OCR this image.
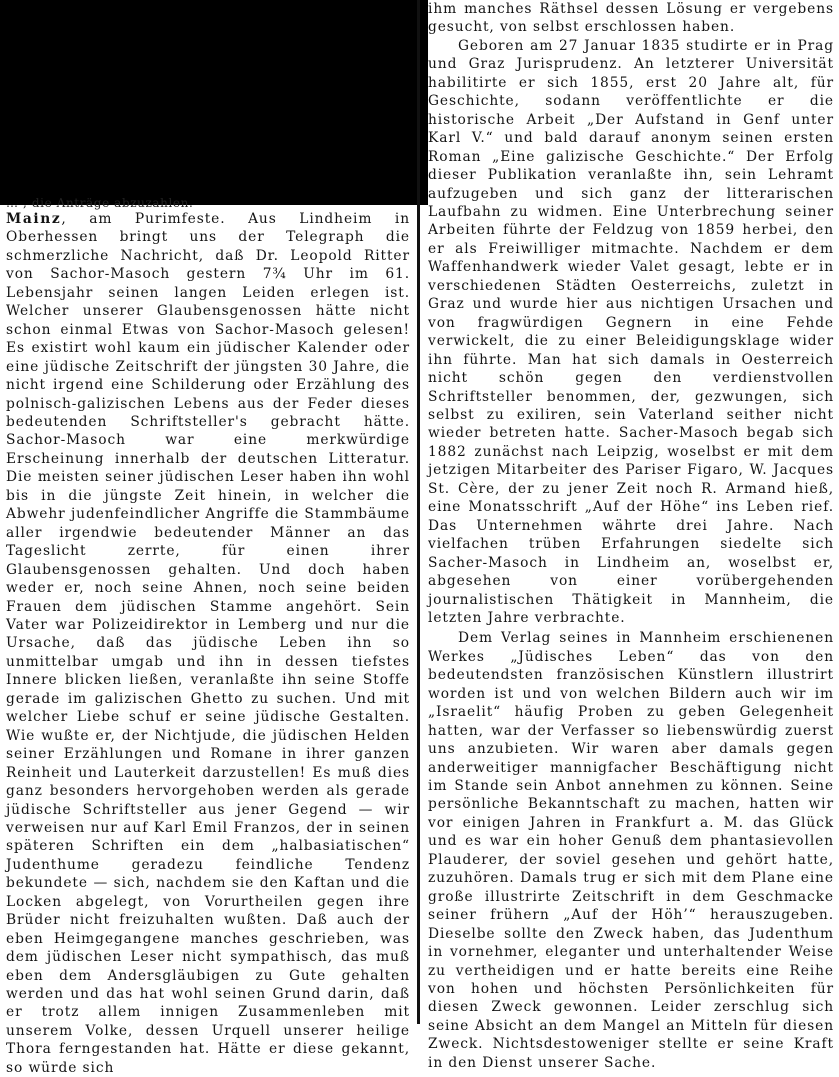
… , die Anträge abzuzahlen.

Mainz, am Purimfeste. Aus Lindheim in Oberhessen bringt uns der Telegraph die schmerzliche Nachricht, daß Dr. Leopold Ritter von Sachor-Masoch gestern 7¾ Uhr im 61. Lebensjahr seinen langen Leiden erlegen ist. Welcher unserer Glaubensgenossen hätte nicht schon einmal Etwas von Sachor-Masoch gelesen! Es existirt wohl kaum ein jüdischer Kalender oder eine jüdische Zeitschrift der jüngsten 30 Jahre, die nicht irgend eine Schilderung oder Erzählung des polnisch-galizischen Lebens aus der Feder dieses bedeutenden Schriftsteller's gebracht hätte. Sachor-Masoch war eine merkwürdige Erscheinung innerhalb der deutschen Litteratur. Die meisten seiner jüdischen Leser haben ihn wohl bis in die jüngste Zeit hinein, in welcher die Abwehr judenfeindlicher Angriffe die Stammbäume aller irgendwie bedeutender Männer an das Tageslicht zerrte, für einen ihrer Glaubensgenossen gehalten. Und doch haben weder er, noch seine Ahnen, noch seine beiden Frauen dem jüdischen Stamme angehört. Sein Vater war Polizeidirektor in Lemberg und nur die Ursache, daß das jüdische Leben ihn so unmittelbar umgab und ihn in dessen tiefstes Innere blicken ließen, veranlaßte ihn seine Stoffe gerade im galizischen Ghetto zu suchen. Und mit welcher Liebe schuf er seine jüdische Gestalten. Wie wußte er, der Nichtjude, die jüdischen Helden seiner Erzählungen und Romane in ihrer ganzen Reinheit und Lauterkeit darzustellen! Es muß dies ganz besonders hervorgehoben werden als gerade jüdische Schriftsteller aus jener Gegend — wir verweisen nur auf Karl Emil Franzos, der in seinen späteren Schriften ein dem „halbasiatischen“ Judenthume geradezu feindliche Tendenz bekundete — sich, nachdem sie den Kaftan und die Locken abgelegt, von Vorurtheilen gegen ihre Brüder nicht freizuhalten wußten. Daß auch der eben Heimgegangene manches geschrieben, was dem jüdischen Leser nicht sympathisch, das muß eben dem Andersgläubigen zu Gute gehalten werden und das hat wohl seinen Grund darin, daß er trotz allem innigen Zusammenleben mit unserem Volke, dessen Urquell unserer heilige Thora ferngestanden hat. Hätte er diese gekannt, so würde sich

ihm manches Räthsel dessen Lösung er vergebens gesucht, von selbst erschlossen haben.

Geboren am 27 Januar 1835 studirte er in Prag und Graz Jurisprudenz. An letzterer Universität habilitirte er sich 1855, erst 20 Jahre alt, für Geschichte, sodann veröffentlichte er die historische Arbeit „Der Aufstand in Genf unter Karl V.“ und bald darauf anonym seinen ersten Roman „Eine galizische Geschichte.“ Der Erfolg dieser Publikation veranlaßte ihn, sein Lehramt aufzugeben und sich ganz der litterarischen Laufbahn zu widmen. Eine Unterbrechung seiner Arbeiten führte der Feldzug von 1859 herbei, den er als Freiwilliger mitmachte. Nachdem er dem Waffenhandwerk wieder Valet gesagt, lebte er in verschiedenen Städten Oesterreichs, zuletzt in Graz und wurde hier aus nichtigen Ursachen und von fragwürdigen Gegnern in eine Fehde verwickelt, die zu einer Beleidigungsklage wider ihn führte. Man hat sich damals in Oesterreich nicht schön gegen den verdienstvollen Schriftsteller benommen, der, gezwungen, sich selbst zu exiliren, sein Vaterland seither nicht wieder betreten hatte. Sacher-Masoch begab sich 1882 zunächst nach Leipzig, woselbst er mit dem jetzigen Mitarbeiter des Pariser Figaro, W. Jacques St. Cère, der zu jener Zeit noch R. Armand hieß, eine Monatsschrift „Auf der Höhe“ ins Leben rief. Das Unternehmen währte drei Jahre. Nach vielfachen trüben Erfahrungen siedelte sich Sacher-Masoch in Lindheim an, woselbst er, abgesehen von einer vorübergehenden journalistischen Thätigkeit in Mannheim, die letzten Jahre verbrachte.

Dem Verlag seines in Mannheim erschienenen Werkes „Jüdisches Leben“ das von den bedeutendsten französischen Künstlern illustrirt worden ist und von welchen Bildern auch wir im „Israelit“ häufig Proben zu geben Gelegenheit hatten, war der Verfasser so liebenswürdig zuerst uns anzubieten. Wir waren aber damals gegen anderweitiger mannigfacher Beschäftigung nicht im Stande sein Anbot annehmen zu können. Seine persönliche Bekanntschaft zu machen, hatten wir vor einigen Jahren in Frankfurt a. M. das Glück und es war ein hoher Genuß dem phantasievollen Plauderer, der soviel gesehen und gehört hatte, zuzuhören. Damals trug er sich mit dem Plane eine große illustrirte Zeitschrift in dem Geschmacke seiner frühern „Auf der Höh’“ herauszugeben. Dieselbe sollte den Zweck haben, das Judenthum in vornehmer, eleganter und unterhaltender Weise zu vertheidigen und er hatte bereits eine Reihe von hohen und höchsten Persönlichkeiten für diesen Zweck gewonnen. Leider zerschlug sich seine Absicht an dem Mangel an Mitteln für diesen Zweck. Nichtsdestoweniger stellte er seine Kraft in den Dienst unserer Sache.
